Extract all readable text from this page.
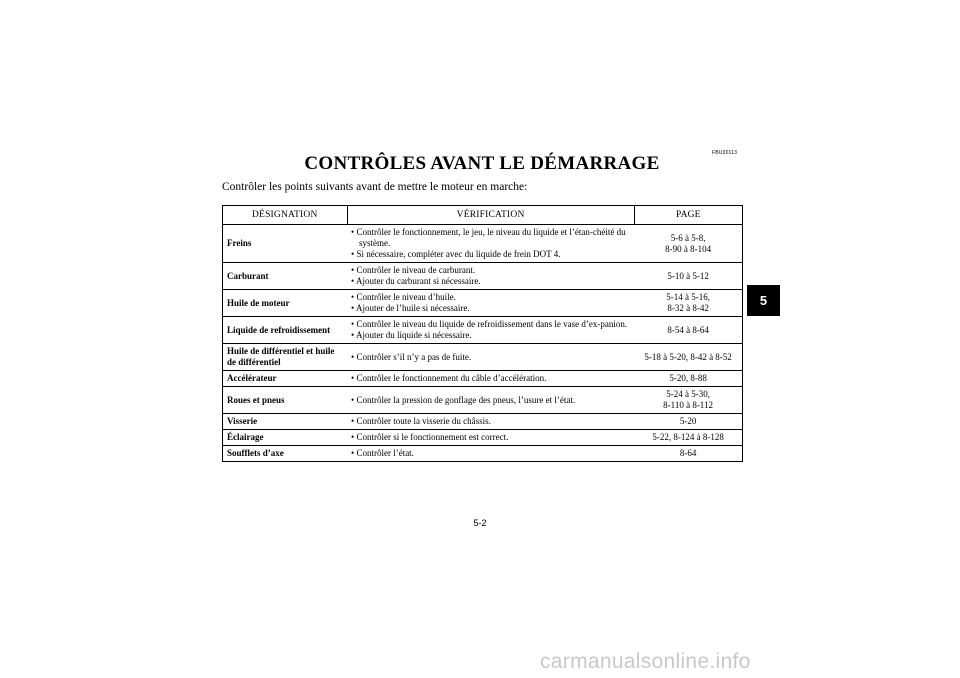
FBU00113
CONTRÔLES AVANT LE DÉMARRAGE
Contrôler les points suivants avant de mettre le moteur en marche:
DÉSIGNATION	VÉRIFICATION	PAGE
Freins	• Contrôler le fonctionnement, le jeu, le niveau du liquide et l’étan-chéité du système.
• Si nécessaire, compléter avec du liquide de frein DOT 4.	5-6 à 5-8,
8-90 à 8-104

Carburant	• Contrôler le niveau de carburant.
• Ajouter du carburant si nécessaire.	5-10 à 5-12

Huile de moteur	• Contrôler le niveau d’huile.
• Ajouter de l’huile si nécessaire.	5-14 à 5-16,
8-32 à 8-42

Liquide de refroidissement	• Contrôler le niveau du liquide de refroidissement dans le vase d’ex-panion.
• Ajouter du liquide si nécessaire.	8-54 à 8-64

Huile de différentiel et huile de différentiel	• Contrôler s’il n’y a pas de fuite.	5-18 à 5-20, 8-42 à 8-52

Accélérateur	• Contrôler le fonctionnement du câble d’accélération.	5-20, 8-88

Roues et pneus	• Contrôler la pression de gonflage des pneus, l’usure et l’état.	5-24 à 5-30,
8-110 à 8-112

Visserie	• Contrôler toute la visserie du châssis.	5-20

Éclairage	• Contrôler si le fonctionnement est correct.	5-22, 8-124 à 8-128

Soufflets d’axe	• Contrôler l’état.	8-64
5
5-2
carmanualsonline.info
